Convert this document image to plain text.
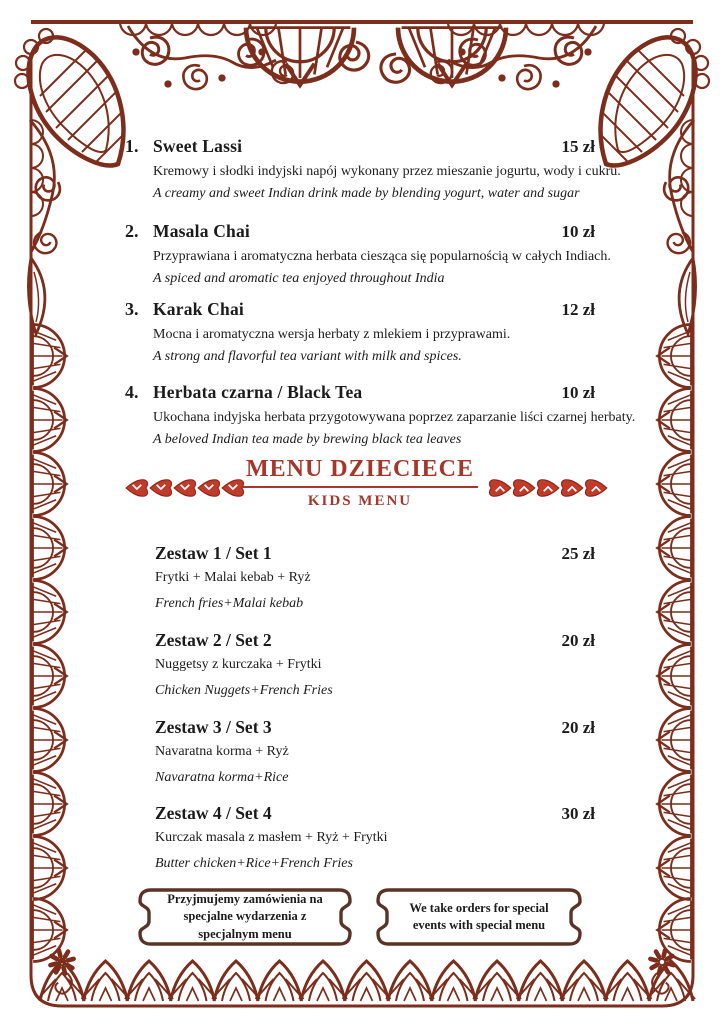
1. Sweet Lassi	15 zł
Kremowy i słodki indyjski napój wykonany przez mieszanie jogurtu, wody i cukru.
A creamy and sweet Indian drink made by blending yogurt, water and sugar
2. Masala Chai	10 zł
Przyprawiana i aromatyczna herbata ciesząca się popularnością w całych Indiach.
A spiced and aromatic tea enjoyed throughout India
3. Karak Chai	12 zł
Mocna i aromatyczna wersja herbaty z mlekiem i przyprawami.
A strong and flavorful tea variant with milk and spices.
4. Herbata czarna / Black Tea	10 zł
Ukochana indyjska herbata przygotowywana poprzez zaparzanie liści czarnej herbaty.
A beloved Indian tea made by brewing black tea leaves
MENU DZIECIECE
KIDS MENU
Zestaw 1 / Set 1	25 zł
Frytki + Malai kebab + Ryż
French fries+Malai kebab
Zestaw 2 / Set 2	20 zł
Nuggetsy z kurczaka + Frytki
Chicken Nuggets+French Fries
Zestaw 3 / Set 3	20 zł
Navaratna korma + Ryż
Navaratna korma+Rice
Zestaw 4 / Set 4	30 zł
Kurczak masala z masłem + Ryż + Frytki
Butter chicken+Rice+French Fries
Przyjmujemy zamówienia na specjalne wydarzenia z specjalnym menu
We take orders for special events with special menu
